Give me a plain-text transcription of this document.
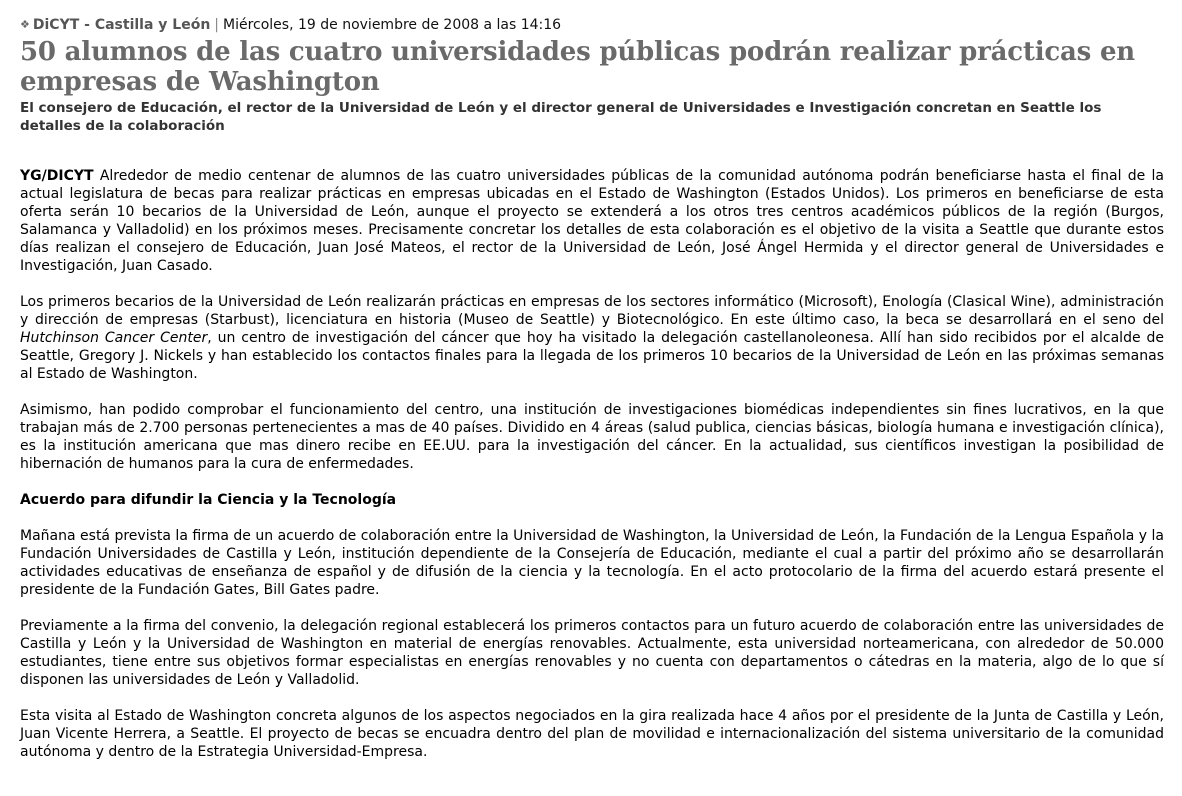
❖ DiCYT - Castilla y León | Miércoles, 19 de noviembre de 2008 a las 14:16
50 alumnos de las cuatro universidades públicas podrán realizar prácticas en empresas de Washington
El consejero de Educación, el rector de la Universidad de León y el director general de Universidades e Investigación concretan en Seattle los detalles de la colaboración

YG/DICYT Alrededor de medio centenar de alumnos de las cuatro universidades públicas de la comunidad autónoma podrán beneficiarse hasta el final de la actual legislatura de becas para realizar prácticas en empresas ubicadas en el Estado de Washington (Estados Unidos). Los primeros en beneficiarse de esta oferta serán 10 becarios de la Universidad de León, aunque el proyecto se extenderá a los otros tres centros académicos públicos de la región (Burgos, Salamanca y Valladolid) en los próximos meses. Precisamente concretar los detalles de esta colaboración es el objetivo de la visita a Seattle que durante estos días realizan el consejero de Educación, Juan José Mateos, el rector de la Universidad de León, José Ángel Hermida y el director general de Universidades e Investigación, Juan Casado.

Los primeros becarios de la Universidad de León realizarán prácticas en empresas de los sectores informático (Microsoft), Enología (Clasical Wine), administración y dirección de empresas (Starbust), licenciatura en historia (Museo de Seattle) y Biotecnológico. En este último caso, la beca se desarrollará en el seno del Hutchinson Cancer Center, un centro de investigación del cáncer que hoy ha visitado la delegación castellanoleonesa. Allí han sido recibidos por el alcalde de Seattle, Gregory J. Nickels y han establecido los contactos finales para la llegada de los primeros 10 becarios de la Universidad de León en las próximas semanas al Estado de Washington.

Asimismo, han podido comprobar el funcionamiento del centro, una institución de investigaciones biomédicas independientes sin fines lucrativos, en la que trabajan más de 2.700 personas pertenecientes a mas de 40 países. Dividido en 4 áreas (salud publica, ciencias básicas, biología humana e investigación clínica), es la institución americana que mas dinero recibe en EE.UU. para la investigación del cáncer. En la actualidad, sus científicos investigan la posibilidad de hibernación de humanos para la cura de enfermedades.

Acuerdo para difundir la Ciencia y la Tecnología

Mañana está prevista la firma de un acuerdo de colaboración entre la Universidad de Washington, la Universidad de León, la Fundación de la Lengua Española y la Fundación Universidades de Castilla y León, institución dependiente de la Consejería de Educación, mediante el cual a partir del próximo año se desarrollarán actividades educativas de enseñanza de español y de difusión de la ciencia y la tecnología. En el acto protocolario de la firma del acuerdo estará presente el presidente de la Fundación Gates, Bill Gates padre.

Previamente a la firma del convenio, la delegación regional establecerá los primeros contactos para un futuro acuerdo de colaboración entre las universidades de Castilla y León y la Universidad de Washington en material de energías renovables. Actualmente, esta universidad norteamericana, con alrededor de 50.000 estudiantes, tiene entre sus objetivos formar especialistas en energías renovables y no cuenta con departamentos o cátedras en la materia, algo de lo que sí disponen las universidades de León y Valladolid.

Esta visita al Estado de Washington concreta algunos de los aspectos negociados en la gira realizada hace 4 años por el presidente de la Junta de Castilla y León, Juan Vicente Herrera, a Seattle. El proyecto de becas se encuadra dentro del plan de movilidad e internacionalización del sistema universitario de la comunidad autónoma y dentro de la Estrategia Universidad-Empresa.
